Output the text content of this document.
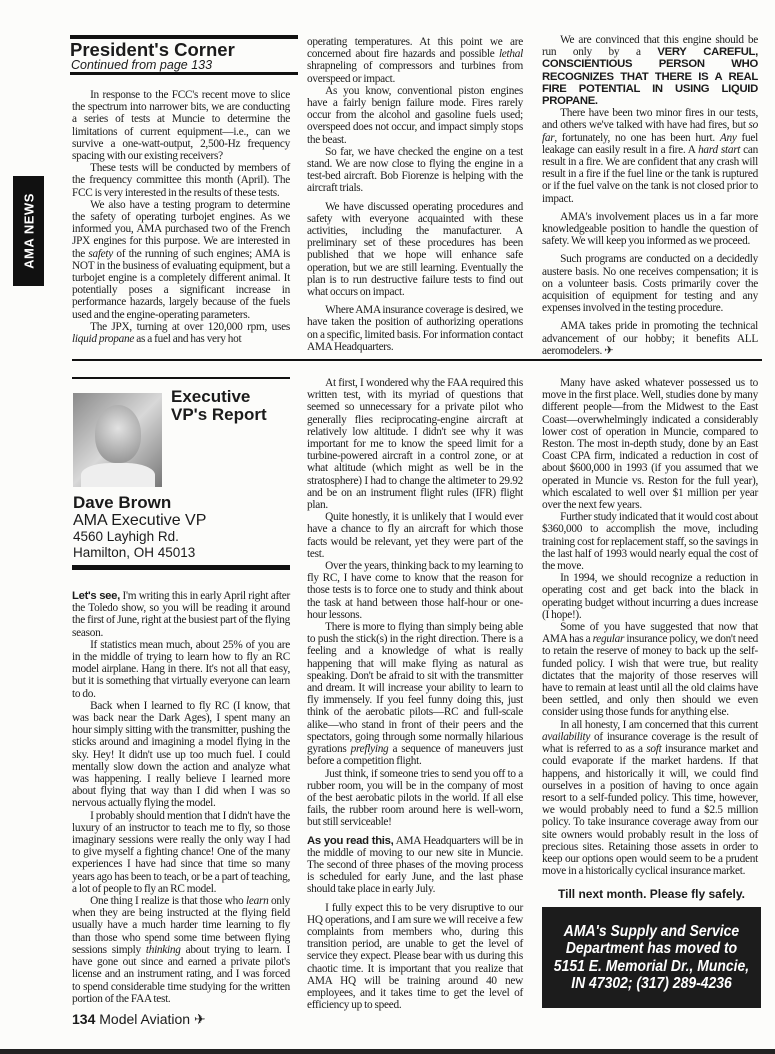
AMA NEWS
President's Corner
Continued from page 133

In response to the FCC's recent move to slice the spectrum into narrower bits, we are conducting a series of tests at Muncie to determine the limitations of current equipment—i.e., can we survive a one-watt-output, 2,500-Hz frequency spacing with our existing receivers?

These tests will be conducted by members of the frequency committee this month (April). The FCC is very interested in the results of these tests.

We also have a testing program to determine the safety of operating turbojet engines. As we informed you, AMA purchased two of the French JPX engines for this purpose. We are interested in the safety of the running of such engines; AMA is NOT in the business of evaluating equipment, but a turbojet engine is a completely different animal. It potentially poses a significant increase in performance hazards, largely because of the fuels used and the engine-operating parameters.

The JPX, turning at over 120,000 rpm, uses liquid propane as a fuel and has very hot

operating temperatures. At this point we are concerned about fire hazards and possible lethal shrapneling of compressors and turbines from overspeed or impact.

As you know, conventional piston engines have a fairly benign failure mode. Fires rarely occur from the alcohol and gasoline fuels used; overspeed does not occur, and impact simply stops the beast.

So far, we have checked the engine on a test stand. We are now close to flying the engine in a test-bed aircraft. Bob Fiorenze is helping with the aircraft trials.

We have discussed operating procedures and safety with everyone acquainted with these activities, including the manufacturer. A preliminary set of these procedures has been published that we hope will enhance safe operation, but we are still learning. Eventually the plan is to run destructive failure tests to find out what occurs on impact.

Where AMA insurance coverage is desired, we have taken the position of authorizing operations on a specific, limited basis. For information contact AMA Headquarters.

We are convinced that this engine should be run only by a VERY CAREFUL, CONSCIENTIOUS PERSON WHO RECOGNIZES THAT THERE IS A REAL FIRE POTENTIAL IN USING LIQUID PROPANE.

There have been two minor fires in our tests, and others we've talked with have had fires, but so far, fortunately, no one has been hurt. Any fuel leakage can easily result in a fire. A hard start can result in a fire. We are confident that any crash will result in a fire if the fuel line or the tank is ruptured or if the fuel valve on the tank is not closed prior to impact.

AMA's involvement places us in a far more knowledgeable position to handle the question of safety. We will keep you informed as we proceed.

Such programs are conducted on a decidedly austere basis. No one receives compensation; it is on a volunteer basis. Costs primarily cover the acquisition of equipment for testing and any expenses involved in the testing procedure.

AMA takes pride in promoting the technical advancement of our hobby; it benefits ALL aeromodelers. ✈

Executive
VP's Report
Dave Brown
AMA Executive VP
4560 Layhigh Rd.
Hamilton, OH 45013

Let's see, I'm writing this in early April right after the Toledo show, so you will be reading it around the first of June, right at the busiest part of the flying season.

If statistics mean much, about 25% of you are in the middle of trying to learn how to fly an RC model airplane. Hang in there. It's not all that easy, but it is something that virtually everyone can learn to do.

Back when I learned to fly RC (I know, that was back near the Dark Ages), I spent many an hour simply sitting with the transmitter, pushing the sticks around and imagining a model flying in the sky. Hey! It didn't use up too much fuel. I could mentally slow down the action and analyze what was happening. I really believe I learned more about flying that way than I did when I was so nervous actually flying the model.

I probably should mention that I didn't have the luxury of an instructor to teach me to fly, so those imaginary sessions were really the only way I had to give myself a fighting chance! One of the many experiences I have had since that time so many years ago has been to teach, or be a part of teaching, a lot of people to fly an RC model.

One thing I realize is that those who learn only when they are being instructed at the flying field usually have a much harder time learning to fly than those who spend some time between flying sessions simply thinking about trying to learn. I have gone out since and earned a private pilot's license and an instrument rating, and I was forced to spend considerable time studying for the written portion of the FAA test.

134 Model Aviation ✈

At first, I wondered why the FAA required this written test, with its myriad of questions that seemed so unnecessary for a private pilot who generally flies reciprocating-engine aircraft at relatively low altitude. I didn't see why it was important for me to know the speed limit for a turbine-powered aircraft in a control zone, or at what altitude (which might as well be in the stratosphere) I had to change the altimeter to 29.92 and be on an instrument flight rules (IFR) flight plan.

Quite honestly, it is unlikely that I would ever have a chance to fly an aircraft for which those facts would be relevant, yet they were part of the test.

Over the years, thinking back to my learning to fly RC, I have come to know that the reason for those tests is to force one to study and think about the task at hand between those half-hour or one-hour lessons.

There is more to flying than simply being able to push the stick(s) in the right direction. There is a feeling and a knowledge of what is really happening that will make flying as natural as speaking. Don't be afraid to sit with the transmitter and dream. It will increase your ability to learn to fly immensely. If you feel funny doing this, just think of the aerobatic pilots—RC and full-scale alike—who stand in front of their peers and the spectators, going through some normally hilarious gyrations preflying a sequence of maneuvers just before a competition flight.

Just think, if someone tries to send you off to a rubber room, you will be in the company of most of the best aerobatic pilots in the world. If all else fails, the rubber room around here is well-worn, but still serviceable!

As you read this, AMA Headquarters will be in the middle of moving to our new site in Muncie. The second of three phases of the moving process is scheduled for early June, and the last phase should take place in early July.

I fully expect this to be very disruptive to our HQ operations, and I am sure we will receive a few complaints from members who, during this transition period, are unable to get the level of service they expect. Please bear with us during this chaotic time. It is important that you realize that AMA HQ will be training around 40 new employees, and it takes time to get the level of efficiency up to speed.

Many have asked whatever possessed us to move in the first place. Well, studies done by many different people—from the Midwest to the East Coast—overwhelmingly indicated a considerably lower cost of operation in Muncie, compared to Reston. The most in-depth study, done by an East Coast CPA firm, indicated a reduction in cost of about $600,000 in 1993 (if you assumed that we operated in Muncie vs. Reston for the full year), which escalated to well over $1 million per year over the next few years.

Further study indicated that it would cost about $360,000 to accomplish the move, including training cost for replacement staff, so the savings in the last half of 1993 would nearly equal the cost of the move.

In 1994, we should recognize a reduction in operating cost and get back into the black in operating budget without incurring a dues increase (I hope!).

Some of you have suggested that now that AMA has a regular insurance policy, we don't need to retain the reserve of money to back up the self-funded policy. I wish that were true, but reality dictates that the majority of those reserves will have to remain at least until all the old claims have been settled, and only then should we even consider using those funds for anything else.

In all honesty, I am concerned that this current availability of insurance coverage is the result of what is referred to as a soft insurance market and could evaporate if the market hardens. If that happens, and historically it will, we could find ourselves in a position of having to once again resort to a self-funded policy. This time, however, we would probably need to fund a $2.5 million policy. To take insurance coverage away from our site owners would probably result in the loss of precious sites. Retaining those assets in order to keep our options open would seem to be a prudent move in a historically cyclical insurance market.

Till next month. Please fly safely.
AMA's Supply and Service Department has moved to 5151 E. Memorial Dr., Muncie, IN 47302; (317) 289-4236
